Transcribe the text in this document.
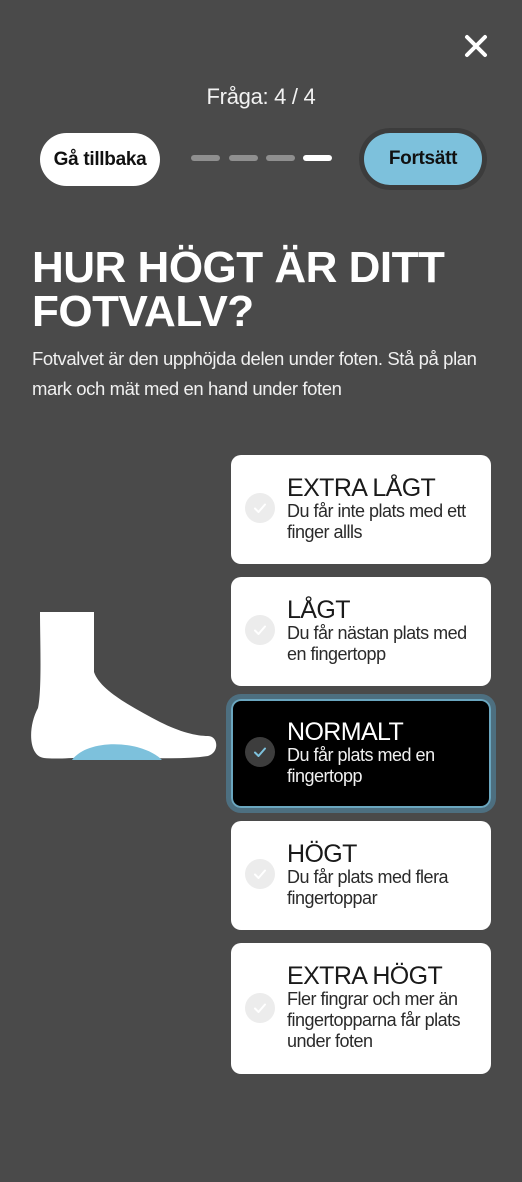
Fråga: 4 / 4
Gå tillbaka	Fortsätt
HUR HÖGT ÄR DITT FOTVALV?
Fotvalvet är den upphöjda delen under foten. Stå på plan mark och mät med en hand under foten
EXTRA LÅGT
Du får inte plats med ett finger allls
LÅGT
Du får nästan plats med en fingertopp
NORMALT
Du får plats med en fingertopp
HÖGT
Du får plats med flera fingertoppar
EXTRA HÖGT
Fler fingrar och mer än fingertopparna får plats under foten
